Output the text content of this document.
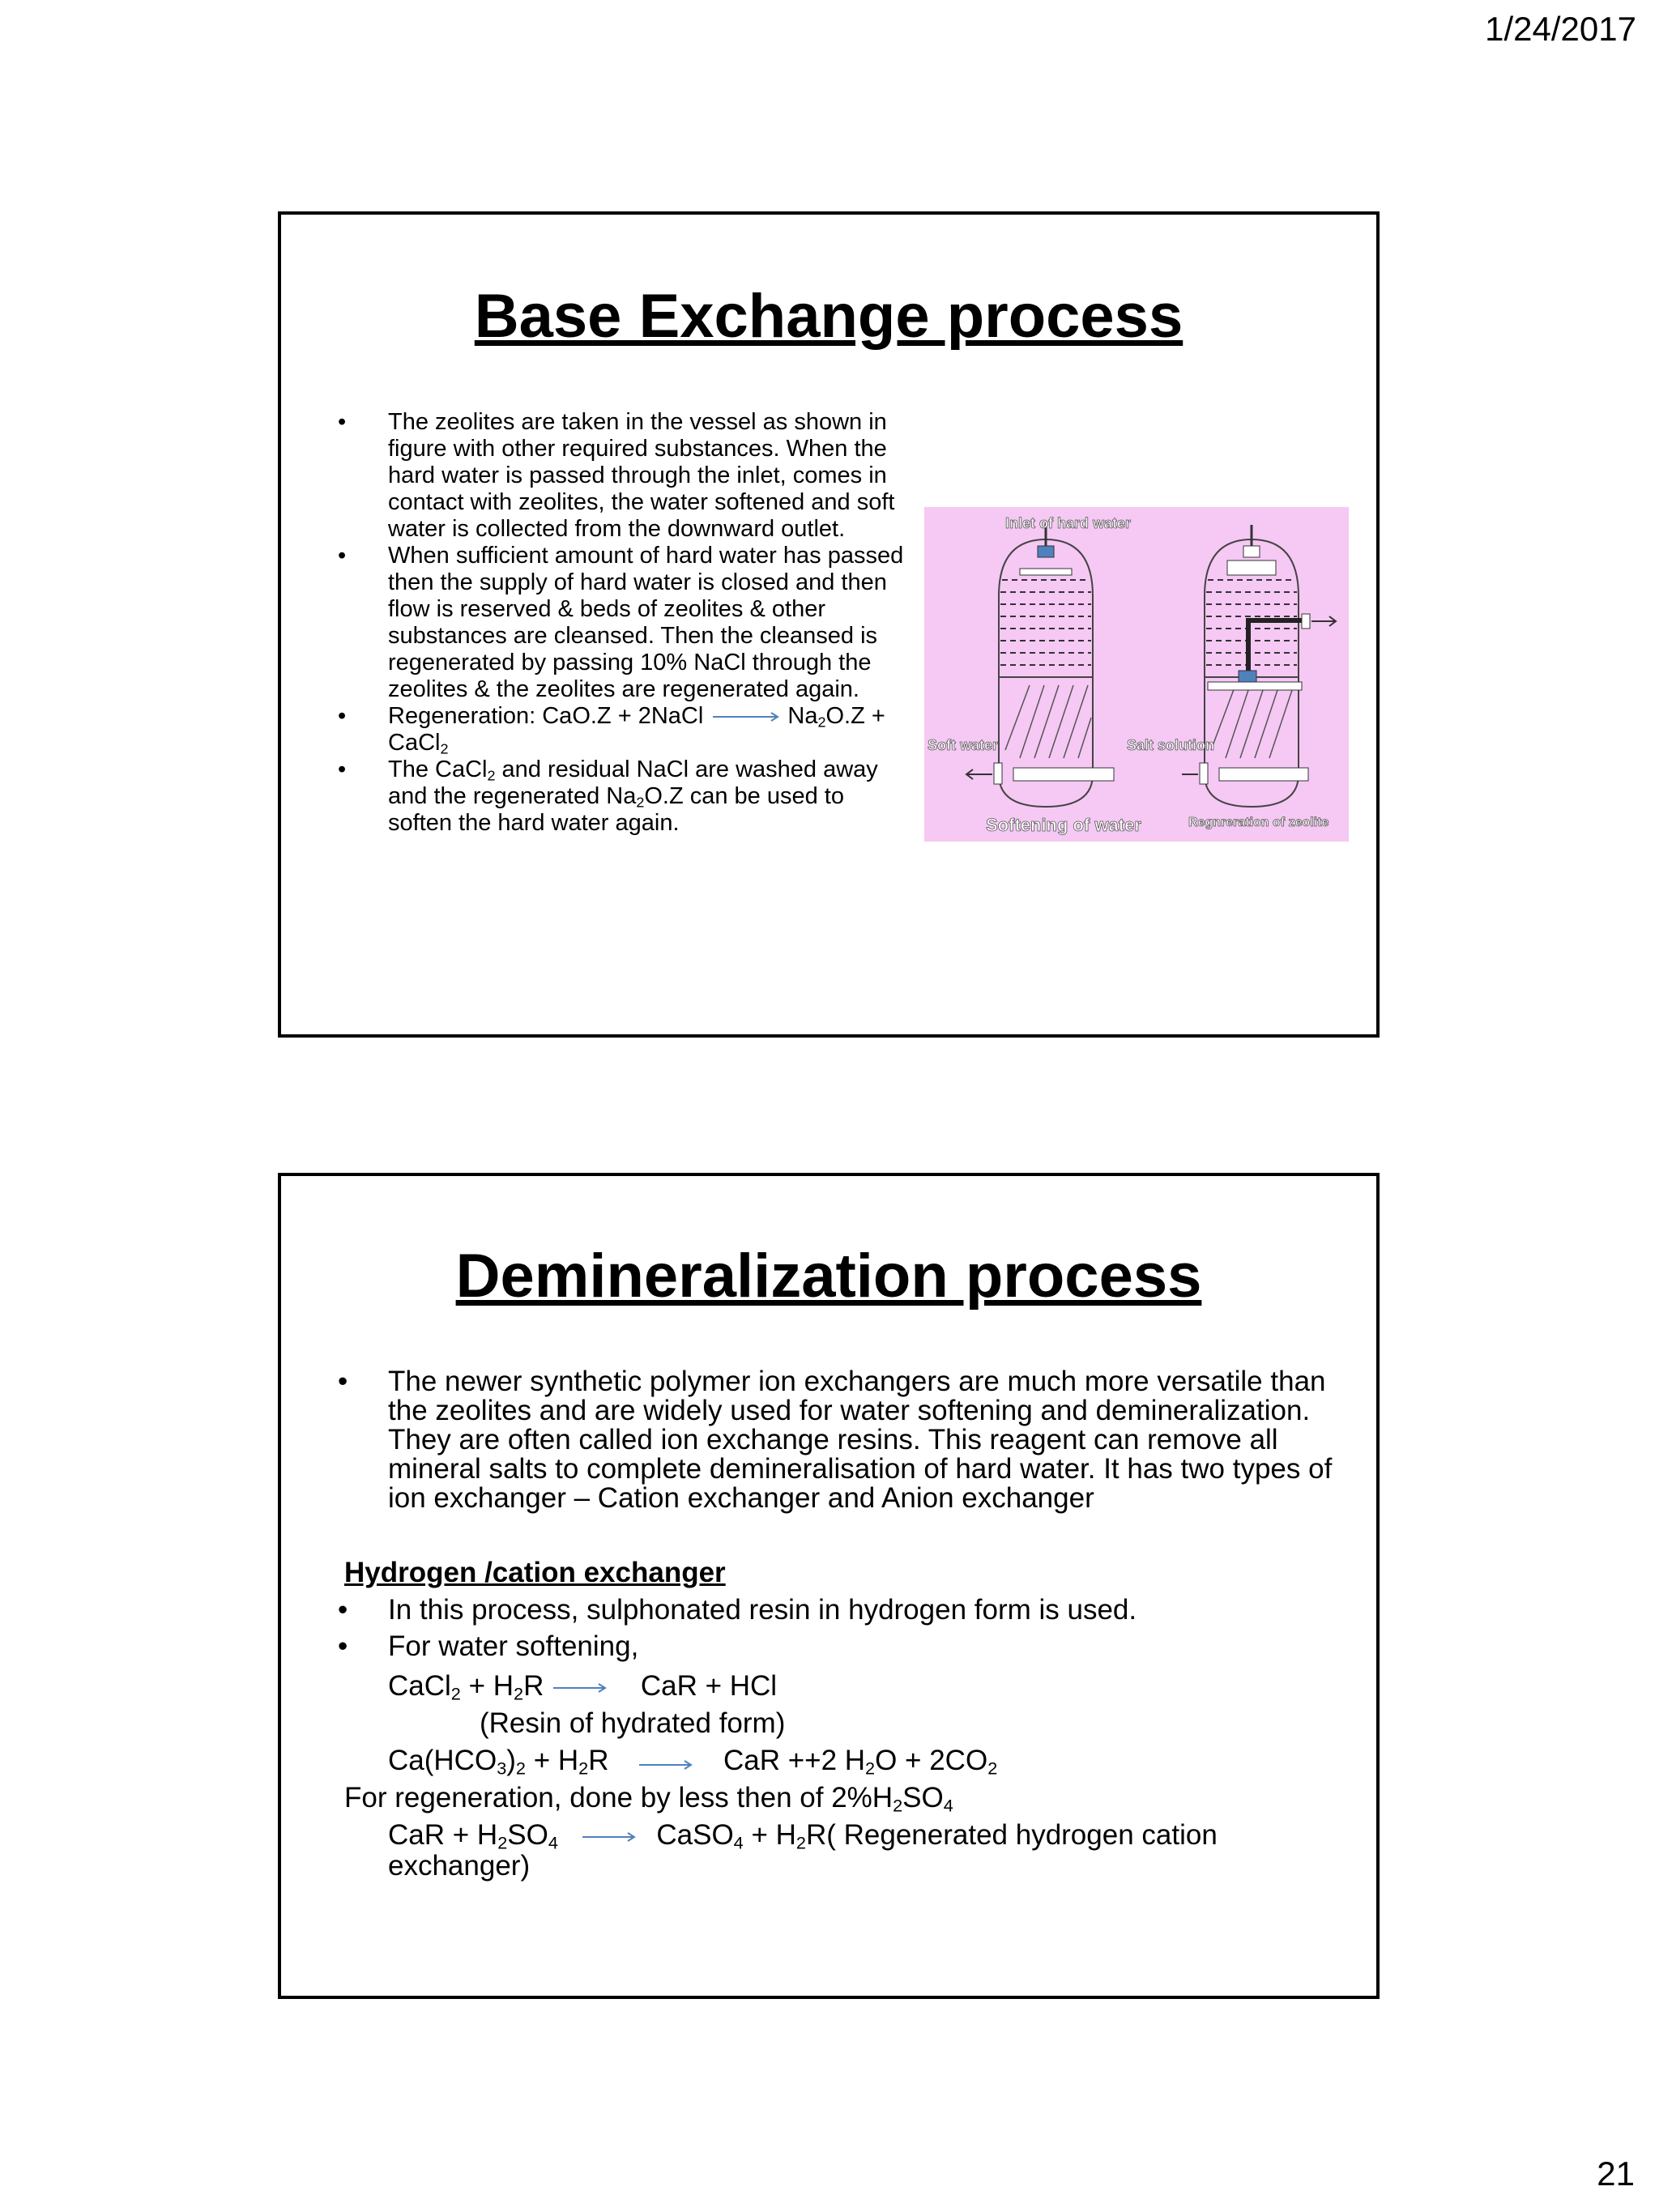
1/24/2017
Base Exchange process
• The zeolites are taken in the vessel as shown in figure with other required substances. When the hard water is passed through the inlet, comes in contact with zeolites, the water softened and soft water is collected from the downward outlet.
• When sufficient amount of hard water has passed then the supply of hard water is closed and then flow is reserved & beds of zeolites & other substances are cleansed. Then the cleansed is regenerated by passing 10% NaCl through the zeolites & the zeolites are regenerated again.
• Regeneration: CaO.Z + 2NaCl → $Na_2O.Z$ +
CaCl$_2$
• The CaCl$_2$ and residual NaCl are washed away and the regenerated $Na_2O.Z$ can be used to soften the hard water again.
Inlet of hard water
Soft water	Salt solution
Softening of water	Regnreration of zeolite
Demineralization process
• The newer synthetic polymer ion exchangers are much more versatile than the zeolites and are widely used for water softening and demineralization. They are often called ion exchange resins. This reagent can remove all mineral salts to complete demineralisation of hard water. It has two types of ion exchanger – Cation exchanger and Anion exchanger
Hydrogen /cation exchanger
• In this process, sulphonated resin in hydrogen form is used.
• For water softening,
CaCl$_2$ + $H_2R$ → CaR + HCl
(Resin of hydrated form)
$Ca(HCO_3)_2 + H_2R$ → CaR ++2 $H_2O + 2CO_2$
For regeneration, done by less then of $2\%H_2SO_4$
CaR + $H_2SO_4$ → CaSO$_4$ + $H_2R$( Regenerated hydrogen cation
exchanger)
21
